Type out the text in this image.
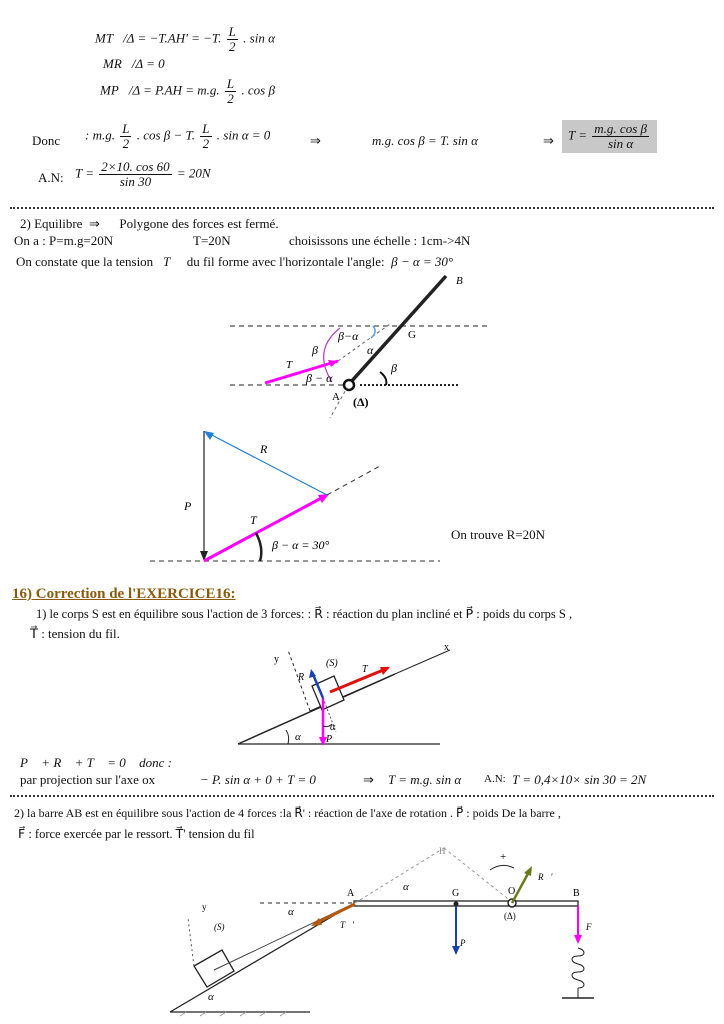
MT⃗/Δ = −T.AH' = −T. $\frac{L}{2}$ . sin α
MR⃗/Δ = 0
MP⃗/Δ = P.AH = m.g. $\frac{L}{2}$ . cos β
Donc : m.g. $\frac{L}{2}$ . cos β − T. $\frac{L}{2}$ . sin α = 0	⇒	m.g. cos β = T. sin α	⇒	$T = \frac{\text{m.g. cos β}}{\text{sin α}}$
A.N: $T = \frac{2\times 10. \cos 60}{\sin 30} = 20N$
2) Equilibre ⇒ Polygone des forces est fermé.
On a : P=m.g=20N	T=20N	choisissons une échelle : 1cm->4N
On constate que la tension T⃗ du fil forme avec l'horizontale l'angle: β − α = 30°
B
G
A (Δ)
T⃗
β−α
β − α
β
β
α
R⃗
P⃗
T⃗
β − α = 30°
On trouve R=20N
16) Correction de l'EXERCICE16:
1) le corps S est en équilibre sous l'action de 3 forces: : R⃗ : réaction du plan incliné et P⃗ : poids du corps S ,
T⃗ : tension du fil.
y
x
(S)
R⃗
T⃗
P⃗
α
α
P⃗ + R⃗ + T⃗ = 0⃗ donc :
par projection sur l'axe ox	− P. sin α + 0 + T = 0	⇒ T = m.g. sin α A.N: T = 0,4×10× sin 30 = 2N
2) la barre AB est en équilibre sous l'action de 4 forces :la R⃗' : réaction de l'axe de rotation . P⃗ : poids De la barre ,
F⃗ : force exercée par le ressort. T⃗' tension du fil
A	G	O	B
H
(Δ)
y
(S)
α
α
α
T⃗'
P⃗
R⃗'
F⃗
+
